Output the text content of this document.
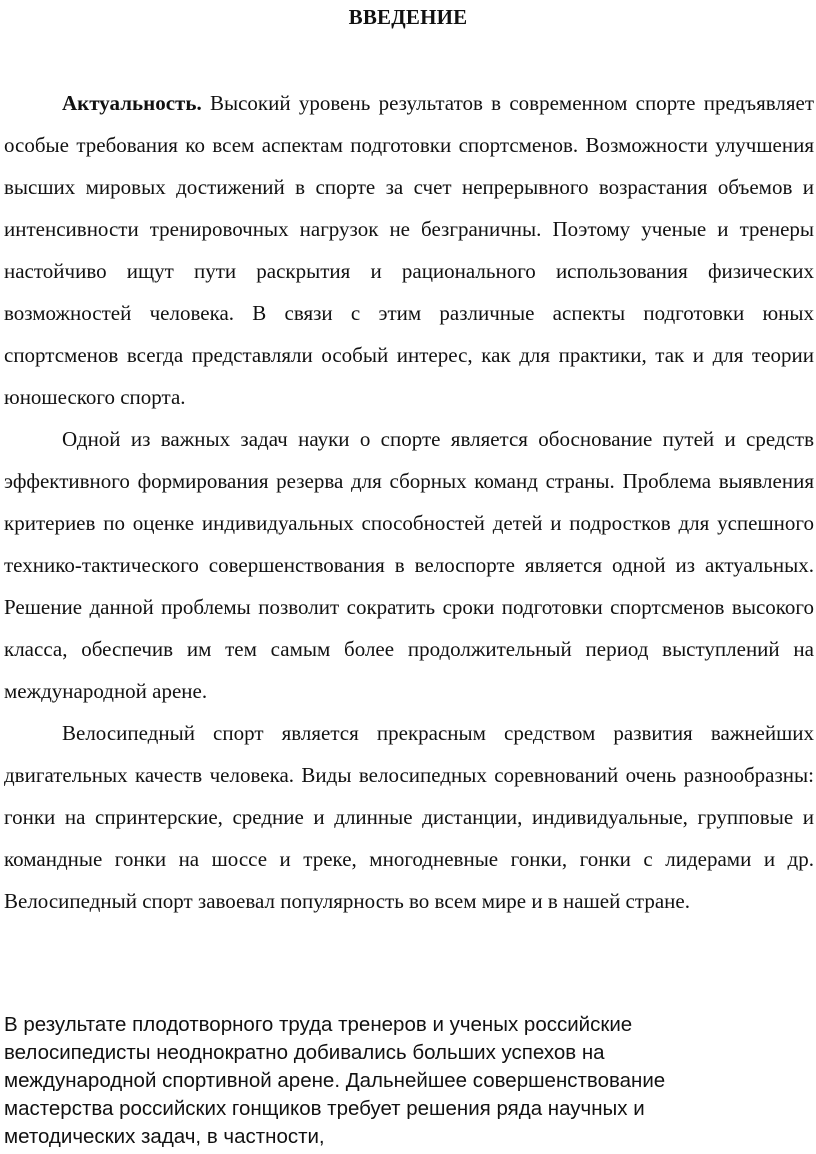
ВВЕДЕНИЕ

Актуальность. Высокий уровень результатов в современном спорте предъявляет особые требования ко всем аспектам подготовки спортсменов. Возможности улучшения высших мировых достижений в спорте за счет непрерывного возрастания объемов и интенсивности тренировочных нагрузок не безграничны. Поэтому ученые и тренеры настойчиво ищут пути раскрытия и рационального использования физических возможностей человека. В связи с этим различные аспекты подготовки юных спортсменов всегда представляли особый интерес, как для практики, так и для теории юношеского спорта.

Одной из важных задач науки о спорте является обоснование путей и средств эффективного формирования резерва для сборных команд страны. Проблема выявления критериев по оценке индивидуальных способностей детей и подростков для успешного технико-тактического совершенствования в велоспорте является одной из актуальных. Решение данной проблемы позволит сократить сроки подготовки спортсменов высокого класса, обеспечив им тем самым более продолжительный период выступлений на международной арене.

Велосипедный спорт является прекрасным средством развития важнейших двигательных качеств человека. Виды велосипедных соревнований очень разнообразны: гонки на спринтерские, средние и длинные дистанции, индивидуальные, групповые и командные гонки на шоссе и треке, многодневные гонки, гонки с лидерами и др. Велосипедный спорт завоевал популярность во всем мире и в нашей стране.

В результате плодотворного труда тренеров и ученых российские велосипедисты неоднократно добивались больших успехов на международной спортивной арене. Дальнейшее совершенствование мастерства российских гонщиков требует решения ряда научных и методических задач, в частности,
